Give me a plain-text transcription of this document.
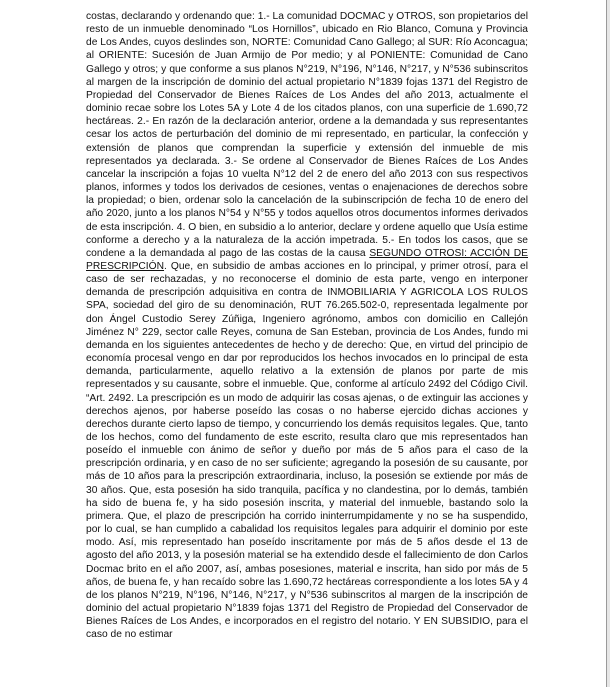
costas, declarando y ordenando que: 1.- La comunidad DOCMAC y OTROS, son propietarios del resto de un inmueble denominado “Los Hornillos”, ubicado en Rio Blanco, Comuna y Provincia de Los Andes, cuyos deslindes son, NORTE: Comunidad Cano Gallego; al SUR: Río Aconcagua; al ORIENTE: Sucesión de Juan Armijo de Por medio; y al PONIENTE: Comunidad de Cano Gallego y otros; y que conforme a sus planos N°219, N°196, N°146, N°217, y N°536 subinscritos al margen de la inscripción de dominio del actual propietario N°1839 fojas 1371 del Registro de Propiedad del Conservador de Bienes Raíces de Los Andes del año 2013, actualmente el dominio recae sobre los Lotes 5A y Lote 4 de los citados planos, con una superficie de 1.690,72 hectáreas. 2.- En razón de la declaración anterior, ordene a la demandada y sus representantes cesar los actos de perturbación del dominio de mi representado, en particular, la confección y extensión de planos que comprendan la superficie y extensión del inmueble de mis representados ya declarada. 3.- Se ordene al Conservador de Bienes Raíces de Los Andes cancelar la inscripción a fojas 10 vuelta N°12 del 2 de enero del año 2013 con sus respectivos planos, informes y todos los derivados de cesiones, ventas o enajenaciones de derechos sobre la propiedad; o bien, ordenar solo la cancelación de la subinscripción de fecha 10 de enero del año 2020, junto a los planos N°54 y N°55 y todos aquellos otros documentos informes derivados de esta inscripción. 4. O bien, en subsidio a lo anterior, declare y ordene aquello que Usía estime conforme a derecho y a la naturaleza de la acción impetrada. 5.- En todos los casos, que se condene a la demandada al pago de las costas de la causa SEGUNDO OTROSI: ACCIÓN DE PRESCRIPCIÓN. Que, en subsidio de ambas acciones en lo principal, y primer otrosí, para el caso de ser rechazadas, y no reconocerse el dominio de esta parte, vengo en interponer demanda de prescripción adquisitiva en contra de INMOBILIARIA Y AGRICOLA LOS RULOS SPA, sociedad del giro de su denominación, RUT 76.265.502-0, representada legalmente por don Ángel Custodio Serey Zúñiga, Ingeniero agrónomo, ambos con domicilio en Callejón Jiménez N° 229, sector calle Reyes, comuna de San Esteban, provincia de Los Andes, fundo mi demanda en los siguientes antecedentes de hecho y de derecho: Que, en virtud del principio de economía procesal vengo en dar por reproducidos los hechos invocados en lo principal de esta demanda, particularmente, aquello relativo a la extensión de planos por parte de mis representados y su causante, sobre el inmueble. Que, conforme al artículo 2492 del Código Civil. “Art. 2492. La prescripción es un modo de adquirir las cosas ajenas, o de extinguir las acciones y derechos ajenos, por haberse poseído las cosas o no haberse ejercido dichas acciones y derechos durante cierto lapso de tiempo, y concurriendo los demás requisitos legales. Que, tanto de los hechos, como del fundamento de este escrito, resulta claro que mis representados han poseído el inmueble con ánimo de señor y dueño por más de 5 años para el caso de la prescripción ordinaria, y en caso de no ser suficiente; agregando la posesión de su causante, por más de 10 años para la prescripción extraordinaria, incluso, la posesión se extiende por más de 30 años. Que, esta posesión ha sido tranquila, pacífica y no clandestina, por lo demás, también ha sido de buena fe, y ha sido posesión inscrita, y material del inmueble, bastando solo la primera. Que, el plazo de prescripción ha corrido ininterrumpidamente y no se ha suspendido, por lo cual, se han cumplido a cabalidad los requisitos legales para adquirir el dominio por este modo. Así, mis representado han poseído inscritamente por más de 5 años desde el 13 de agosto del año 2013, y la posesión material se ha extendido desde el fallecimiento de don Carlos Docmac brito en el año 2007, así, ambas posesiones, material e inscrita, han sido por más de 5 años, de buena fe, y han recaído sobre las 1.690,72 hectáreas correspondiente a los lotes 5A y 4 de los planos N°219, N°196, N°146, N°217, y N°536 subinscritos al margen de la inscripción de dominio del actual propietario N°1839 fojas 1371 del Registro de Propiedad del Conservador de Bienes Raíces de Los Andes, e incorporados en el registro del notario. Y EN SUBSIDIO, para el caso de no estimar
